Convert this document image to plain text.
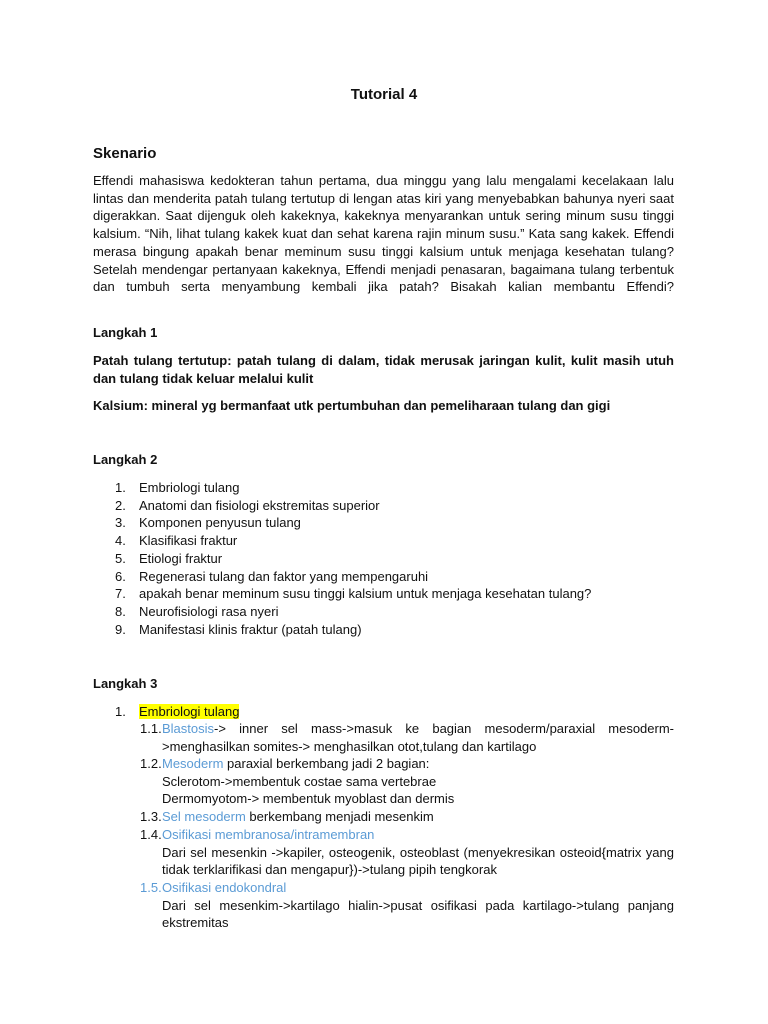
Tutorial 4
Skenario
Effendi mahasiswa kedokteran tahun pertama, dua minggu yang lalu mengalami kecelakaan lalu
lintas dan menderita patah tulang tertutup di lengan atas kiri yang menyebabkan bahunya nyeri saat
digerakkan. Saat dijenguk oleh kakeknya, kakeknya menyarankan untuk sering minum susu tinggi
kalsium. “Nih, lihat tulang kakek kuat dan sehat karena rajin minum susu.” Kata sang kakek. Effendi
merasa bingung apakah benar meminum susu tinggi kalsium untuk menjaga kesehatan tulang?
Setelah mendengar pertanyaan kakeknya, Effendi menjadi penasaran, bagaimana tulang terbentuk
dan tumbuh serta menyambung kembali jika patah? Bisakah kalian membantu Effendi?
Langkah 1
Patah tulang tertutup: patah tulang di dalam, tidak merusak jaringan kulit, kulit masih utuh dan tulang tidak keluar melalui kulit
Kalsium: mineral yg bermanfaat utk pertumbuhan dan pemeliharaan tulang dan gigi
Langkah 2
1.	Embriologi tulang
2.	Anatomi dan fisiologi ekstremitas superior
3.	Komponen penyusun tulang
4.	Klasifikasi fraktur
5.	Etiologi fraktur
6.	Regenerasi tulang dan faktor yang mempengaruhi
7.	apakah benar meminum susu tinggi kalsium untuk menjaga kesehatan tulang?
8.	Neurofisiologi rasa nyeri
9.	Manifestasi klinis fraktur (patah tulang)
Langkah 3
1.	Embriologi tulang
1.1. Blastosis-> inner sel mass->masuk ke bagian mesoderm/paraxial mesoderm->menghasilkan somites-> menghasilkan otot,tulang dan kartilago
1.2. Mesoderm paraxial berkembang jadi 2 bagian:
Sclerotom->membentuk costae sama vertebrae
Dermomyotom-> membentuk myoblast dan dermis
1.3. Sel mesoderm berkembang menjadi mesenkim
1.4. Osifikasi membranosa/intramembran
Dari sel mesenkin ->kapiler, osteogenik, osteoblast (menyekresikan osteoid{matrix yang tidak terklarifikasi dan mengapur})->tulang pipih tengkorak
1.5. Osifikasi endokondral
Dari sel mesenkim->kartilago hialin->pusat osifikasi pada kartilago->tulang panjang ekstremitas
